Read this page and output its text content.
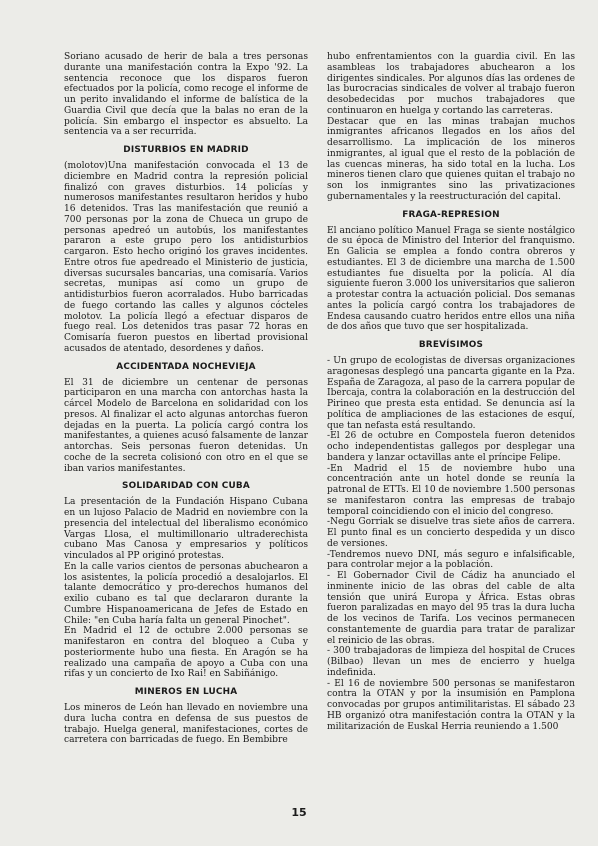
Soriano acusado de herir de bala a tres personas durante una manifestación contra la Expo '92. La sentencia reconoce que los disparos fueron efectuados por la policía, como recoge el informe de un perito invalidando el informe de balística de la Guardia Civil que decía que la balas no eran de la policía. Sin embargo el inspector es absuelto. La sentencia va a ser recurrida.

DISTURBIOS EN MADRID

(molotov)Una manifestación convocada el 13 de diciembre en Madrid contra la represión policial finalizó con graves disturbios. 14 policías y numerosos manifestantes resultaron heridos y hubo 16 detenidos. Tras las manifestación que reunió a 700 personas por la zona de Chueca un grupo de personas apedreó un autobús, los manifestantes pararon a este grupo pero los antidisturbios cargaron. Esto hecho originó los graves incidentes. Entre otros fue apedreado el Ministerio de justicia, diversas sucursales bancarias, una comisaría. Varios secretas, munipas así como un grupo de antidisturbios fueron acorralados. Hubo barricadas de fuego cortando las calles y algunos cócteles molotov. La policía llegó a efectuar disparos de fuego real. Los detenidos tras pasar 72 horas en Comisaría fueron puestos en libertad provisional acusados de atentado, desordenes y daños.

ACCIDENTADA NOCHEVIEJA

El 31 de diciembre un centenar de personas participaron en una marcha con antorchas hasta la cárcel Modelo de Barcelona en solidaridad con los presos. Al finalizar el acto algunas antorchas fueron dejadas en la puerta. La policía cargó contra los manifestantes, a quienes acusó falsamente de lanzar antorchas. Seis personas fueron detenidas. Un coche de la secreta colisionó con otro en el que se iban varios manifestantes.

SOLIDARIDAD CON CUBA

La presentación de la Fundación Hispano Cubana en un lujoso Palacio de Madrid en noviembre con la presencia del intelectual del liberalismo económico Vargas Llosa, el multimillonario ultraderechista cubano Mas Canosa y empresarios y políticos vinculados al PP originó protestas.

En la calle varios cientos de personas abuchearon a los asistentes, la policía procedió a desalojarlos. El talante democrático y pro-derechos humanos del exilio cubano es tal que declararon durante la Cumbre Hispanoamericana de Jefes de Estado en Chile: "en Cuba haría falta un general Pinochet".

En Madrid el 12 de octubre 2.000 personas se manifestaron en contra del bloqueo a Cuba y posteriormente hubo una fiesta. En Aragón se ha realizado una campaña de apoyo a Cuba con una rifas y un concierto de Ixo Rai! en Sabiñánigo.

MINEROS EN LUCHA

Los mineros de León han llevado en noviembre una dura lucha contra en defensa de sus puestos de trabajo. Huelga general, manifestaciones, cortes de carretera con barricadas de fuego. En Bembibre

hubo enfrentamientos con la guardia civil. En las asambleas los trabajadores abuchearon a los dirigentes sindicales. Por algunos días las ordenes de las burocracias sindicales de volver al trabajo fueron desobedecidas por muchos trabajadores que continuaron en huelga y cortando las carreteras.

Destacar que en las minas trabajan muchos inmigrantes africanos llegados en los años del desarrollismo. La implicación de los mineros inmigrantes, al igual que el resto de la población de las cuencas mineras, ha sido total en la lucha. Los mineros tienen claro que quienes quitan el trabajo no son los inmigrantes sino las privatizaciones gubernamentales y la reestructuración del capital.

FRAGA-REPRESION

El anciano político Manuel Fraga se siente nostálgico de su época de Ministro del Interior del franquismo. En Galicia se emplea a fondo contra obreros y estudiantes. El 3 de diciembre una marcha de 1.500 estudiantes fue disuelta por la policía. Al día siguiente fueron 3.000 los universitarios que salieron a protestar contra la actuación policial. Dos semanas antes la policía cargó contra los trabajadores de Endesa causando cuatro heridos entre ellos una niña de dos años que tuvo que ser hospitalizada.

BREVÍSIMOS

- Un grupo de ecologistas de diversas organizaciones aragonesas desplegó una pancarta gigante en la Pza. España de Zaragoza, al paso de la carrera popular de Ibercaja, contra la colaboración en la destrucción del Pirineo que presta esta entidad. Se denuncia así la política de ampliaciones de las estaciones de esquí, que tan nefasta está resultando.

-El 26 de octubre en Compostela fueron detenidos ocho independentistas gallegos por desplegar una bandera y lanzar octavillas ante el príncipe Felipe.

-En Madrid el 15 de noviembre hubo una concentración ante un hotel donde se reunía la patronal de ETTs. El 10 de noviembre 1.500 personas se manifestaron contra las empresas de trabajo temporal coincidiendo con el inicio del congreso.

-Negu Gorriak se disuelve tras siete años de carrera. El punto final es un concierto despedida y un disco de versiones.

-Tendremos nuevo DNI, más seguro e infalsificable, para controlar mejor a la población.

- El Gobernador Civil de Cádiz ha anunciado el inminente inicio de las obras del cable de alta tensión que unirá Europa y África. Estas obras fueron paralizadas en mayo del 95 tras la dura lucha de los vecinos de Tarifa. Los vecinos permanecen constantemente de guardia para tratar de paralizar el reinicio de las obras.

- 300 trabajadoras de limpieza del hospital de Cruces (Bilbao) llevan un mes de encierro y huelga indefinida.

- El 16 de noviembre 500 personas se manifestaron contra la OTAN y por la insumisión en Pamplona convocadas por grupos antimilitaristas. El sábado 23 HB organizó otra manifestación contra la OTAN y la militarización de Euskal Herria reuniendo a 1.500

15
